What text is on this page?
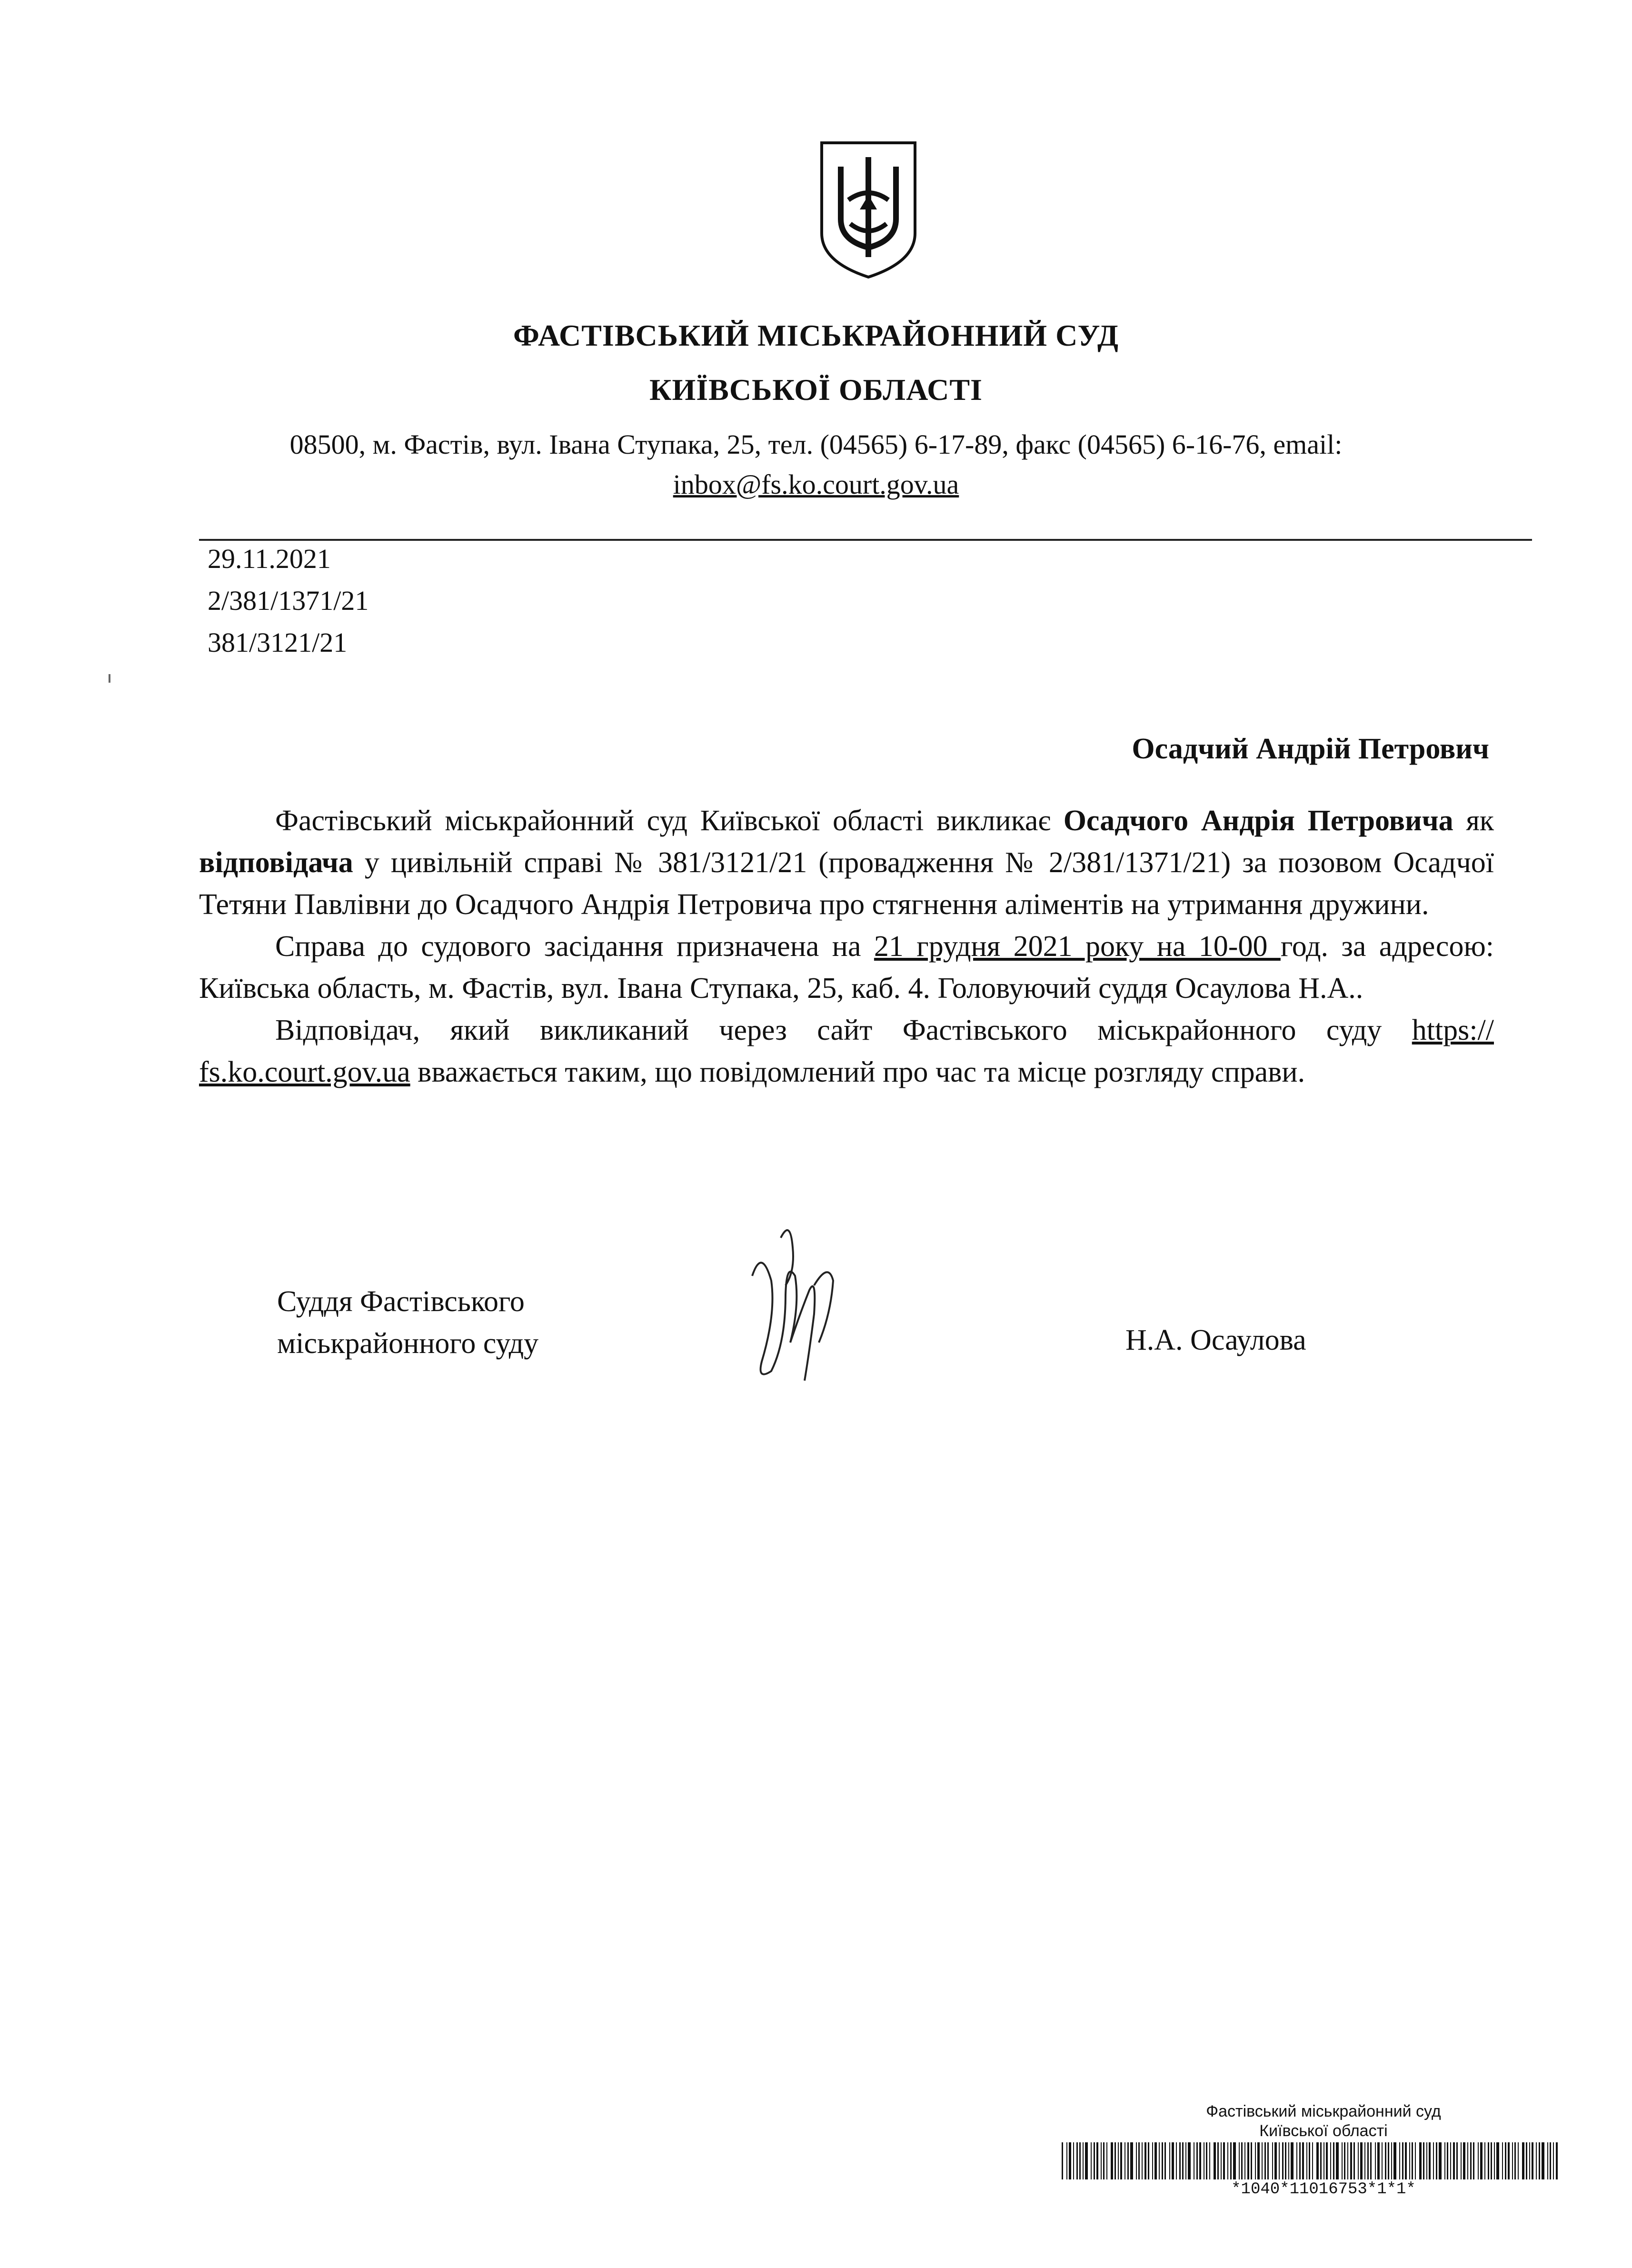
ФАСТІВСЬКИЙ МІСЬКРАЙОННИЙ СУД
КИЇВСЬКОЇ ОБЛАСТІ
08500, м. Фастів, вул. Івана Ступака, 25, тел. (04565) 6-17-89, факс (04565) 6-16-76, email:
inbox@fs.ko.court.gov.ua
29.11.2021
2/381/1371/21
381/3121/21
Осадчий Андрій Петрович

Фастівський міськрайонний суд Київської області викликає Осадчого Андрія Петровича як відповідача у цивільній справі № 381/3121/21 (провадження № 2/381/1371/21) за позовом Осадчої Тетяни Павлівни до Осадчого Андрія Петровича про стягнення аліментів на утримання дружини.

Справа до судового засідання призначена на 21 грудня 2021 року на 10-00 год. за адресою: Київська область, м. Фастів, вул. Івана Ступака, 25, каб. 4. Головуючий суддя Осаулова Н.А..

Відповідач, який викликаний через сайт Фастівського міськрайонного суду https:// fs.ko.court.gov.ua вважається таким, що повідомлений про час та місце розгляду справи.

Суддя Фастівського
міськрайонного суду	Н.А. Осаулова
Фастівський міськрайонний суд
Київської області
*1040*11016753*1*1*
